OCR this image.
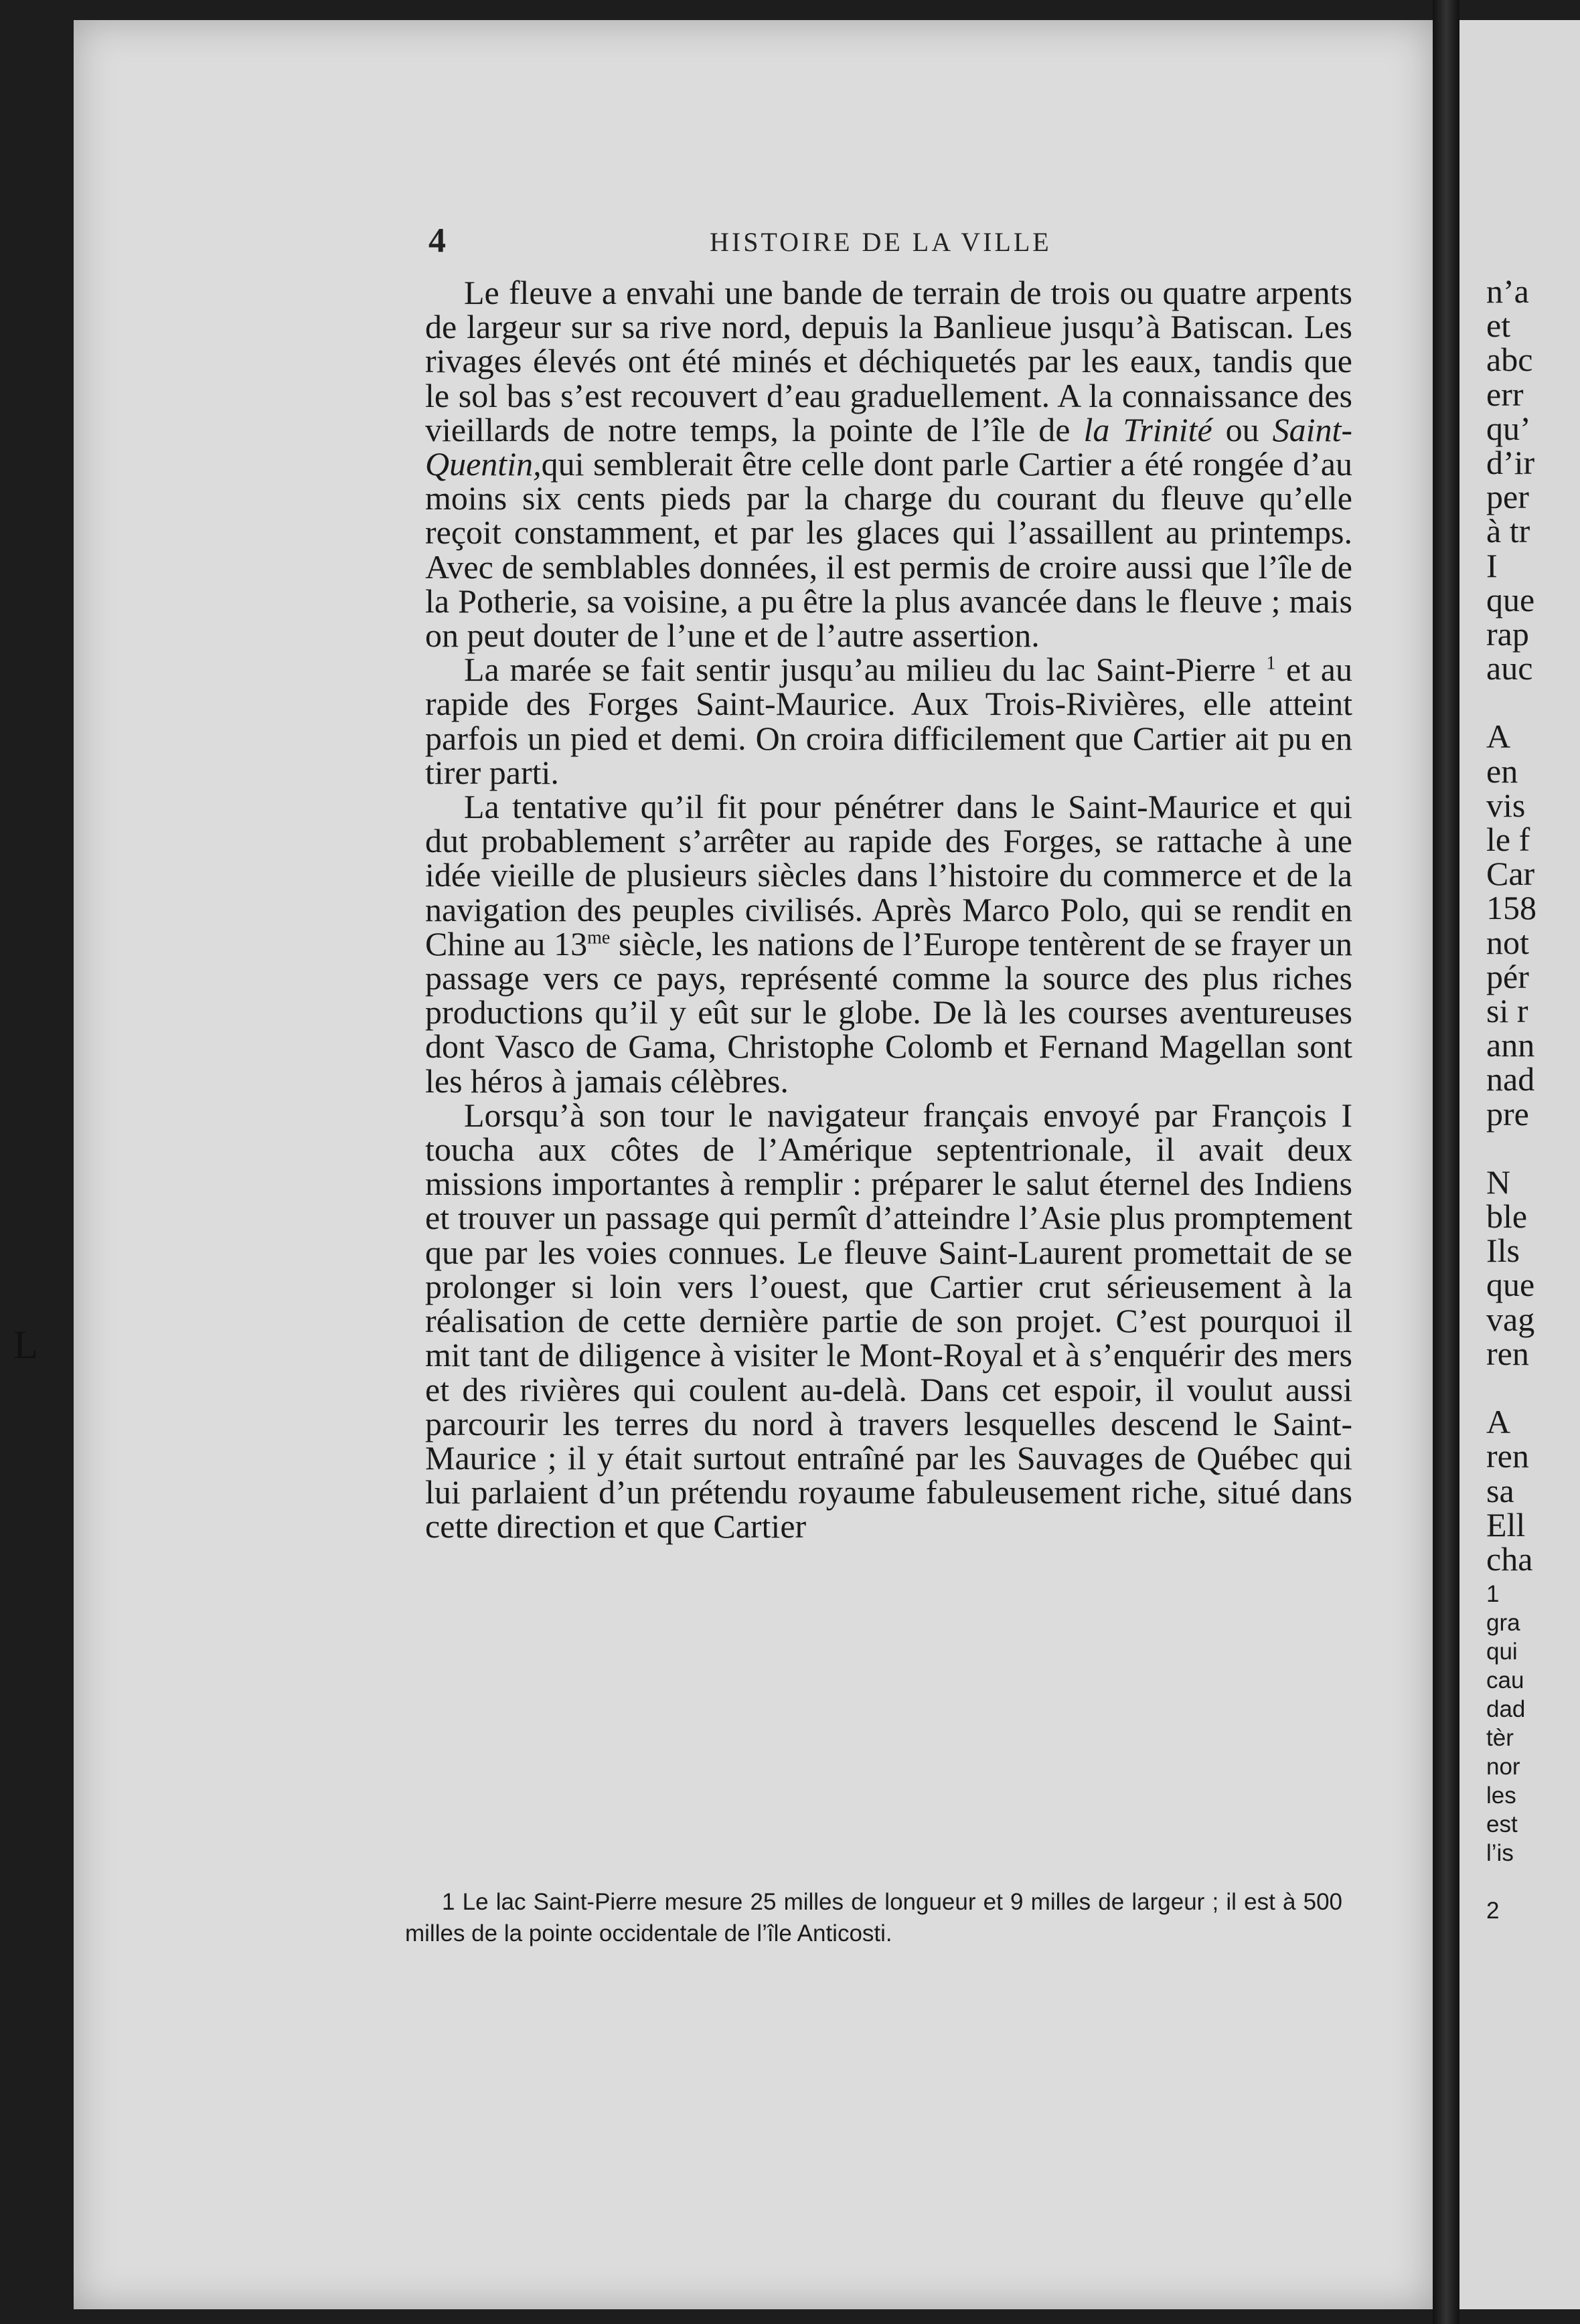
n’a
et
abc
err
qu’
d’ir
per
à tr
I
que
rap
auc
A
en
vis
le f
Car
158
not
pér
si r
ann
nad
pre
N
ble
Ils
que
vag
ren
A
ren
sa
Ell
cha
1
gra
qui
cau
dad
tèr
nor
les
est
l’is
2
L
4	HISTOIRE DE LA VILLE

Le fleuve a envahi une bande de terrain de trois ou quatre arpents de largeur sur sa rive nord, depuis la Banlieue jusqu’à Batiscan. Les rivages élevés ont été minés et déchiquetés par les eaux, tandis que le sol bas s’est recouvert d’eau graduellement. A la connaissance des vieillards de notre temps, la pointe de l’île de la Trinité ou Saint-Quentin,qui semblerait être celle dont parle Cartier a été rongée d’au moins six cents pieds par la charge du courant du fleuve qu’elle reçoit constamment, et par les glaces qui l’assaillent au printemps. Avec de semblables données, il est permis de croire aussi que l’île de la Potherie, sa voisine, a pu être la plus avancée dans le fleuve ; mais on peut douter de l’une et de l’autre assertion.

La marée se fait sentir jusqu’au milieu du lac Saint-Pierre $^1$ et au rapide des Forges Saint-Maurice. Aux Trois-Rivières, elle atteint parfois un pied et demi. On croira difficilement que Cartier ait pu en tirer parti.

La tentative qu’il fit pour pénétrer dans le Saint-Maurice et qui dut probablement s’arrêter au rapide des Forges, se rattache à une idée vieille de plusieurs siècles dans l’histoire du commerce et de la navigation des peuples civilisés. Après Marco Polo, qui se rendit en Chine au $13^{me}$ siècle, les nations de l’Europe tentèrent de se frayer un passage vers ce pays, représenté comme la source des plus riches productions qu’il y eût sur le globe. De là les courses aventureuses dont Vasco de Gama, Christophe Colomb et Fernand Magellan sont les héros à jamais célèbres.

Lorsqu’à son tour le navigateur français envoyé par François I toucha aux côtes de l’Amérique septentrionale, il avait deux missions importantes à remplir : préparer le salut éternel des Indiens et trouver un passage qui permît d’atteindre l’Asie plus promptement que par les voies connues. Le fleuve Saint-Laurent promettait de se prolonger si loin vers l’ouest, que Cartier crut sérieusement à la réalisation de cette dernière partie de son projet. C’est pourquoi il mit tant de diligence à visiter le Mont-Royal et à s’enquérir des mers et des rivières qui coulent au-delà. Dans cet espoir, il voulut aussi parcourir les terres du nord à travers lesquelles descend le Saint-Maurice ; il y était surtout entraîné par les Sauvages de Québec qui lui parlaient d’un prétendu royaume fabuleusement riche, situé dans cette direction et que Cartier

1 Le lac Saint-Pierre mesure 25 milles de longueur et 9 milles de largeur ; il est à 500 milles de la pointe occidentale de l’île Anticosti.
